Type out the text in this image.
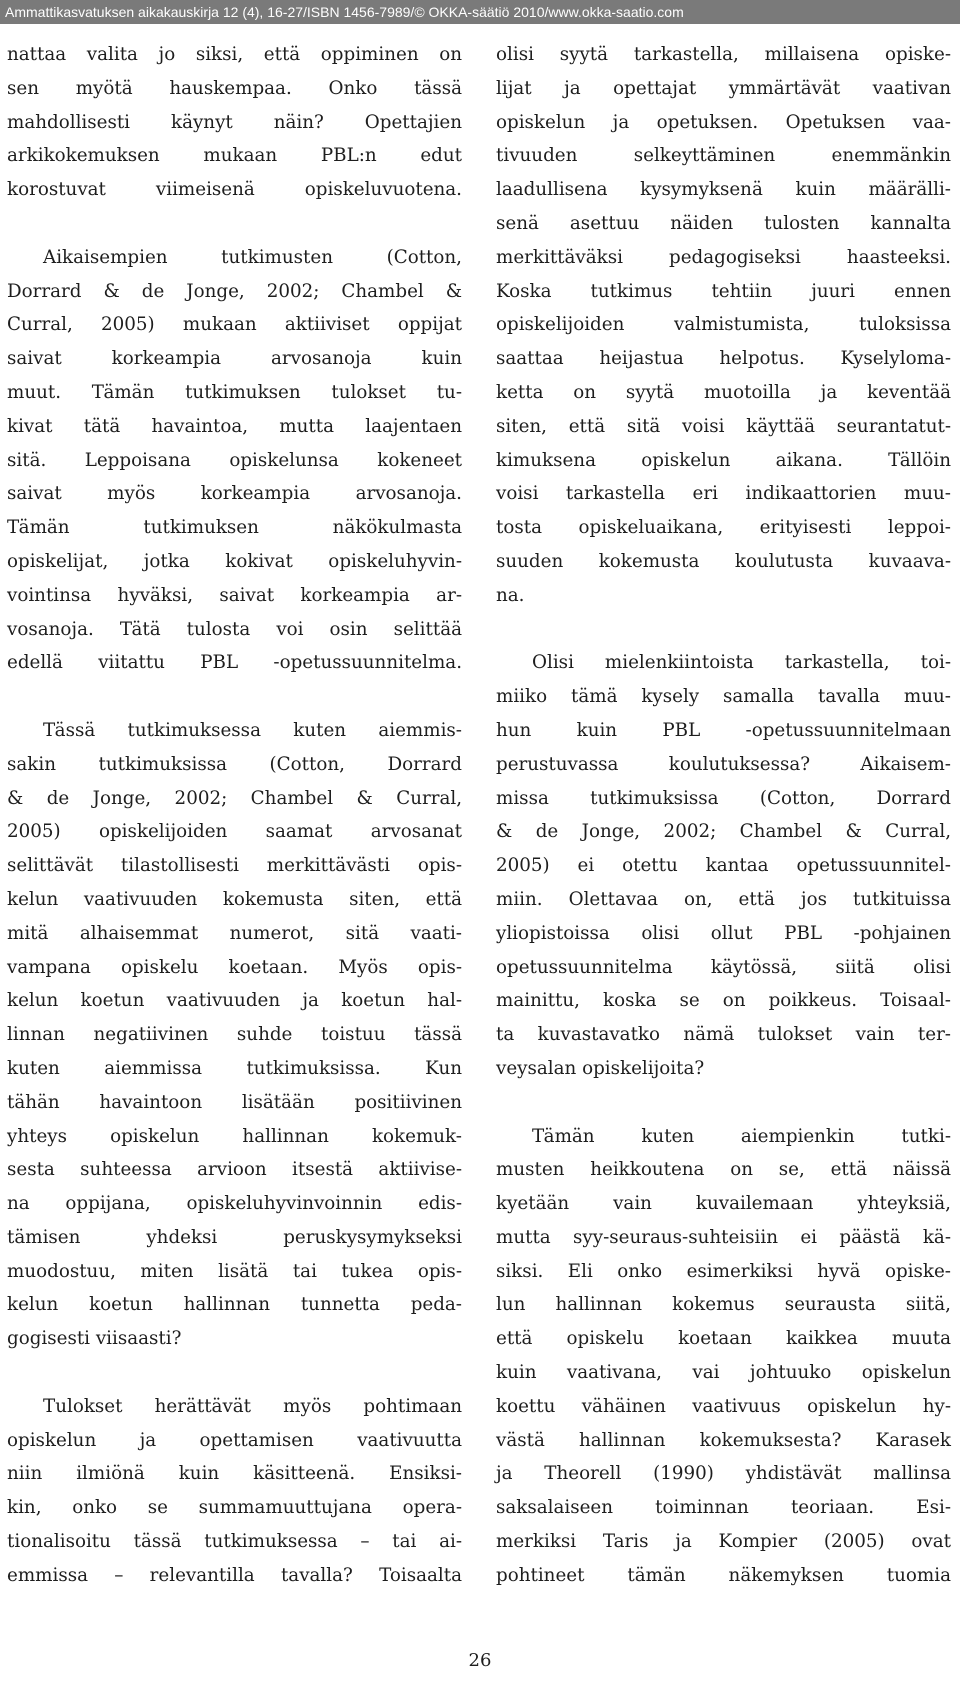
Ammattikasvatuksen aikakauskirja 12 (4), 16-27/ISBN 1456-7989/© OKKA-säätiö 2010/www.okka-saatio.com

nattaa valita jo siksi, että oppiminen on
sen myötä hauskempaa. Onko tässä
mahdollisesti käynyt näin? Opettajien
arkikokemuksen mukaan PBL:n edut
korostuvat viimeisenä opiskeluvuotena.

Aikaisempien tutkimusten (Cotton,
Dorrard & de Jonge, 2002; Chambel &
Curral, 2005) mukaan aktiiviset oppijat
saivat korkeampia arvosanoja kuin
muut. Tämän tutkimuksen tulokset tu-
kivat tätä havaintoa, mutta laajentaen
sitä. Leppoisana opiskelunsa kokeneet
saivat myös korkeampia arvosanoja.
Tämän tutkimuksen näkökulmasta
opiskelijat, jotka kokivat opiskeluhyvin-
vointinsa hyväksi, saivat korkeampia ar-
vosanoja. Tätä tulosta voi osin selittää
edellä viitattu PBL -opetussuunnitelma.

Tässä tutkimuksessa kuten aiemmis-
sakin tutkimuksissa (Cotton, Dorrard
& de Jonge, 2002; Chambel & Curral,
2005) opiskelijoiden saamat arvosanat
selittävät tilastollisesti merkittävästi opis-
kelun vaativuuden kokemusta siten, että
mitä alhaisemmat numerot, sitä vaati-
vampana opiskelu koetaan. Myös opis-
kelun koetun vaativuuden ja koetun hal-
linnan negatiivinen suhde toistuu tässä
kuten aiemmissa tutkimuksissa. Kun
tähän havaintoon lisätään positiivinen
yhteys opiskelun hallinnan kokemuk-
sesta suhteessa arvioon itsestä aktiivise-
na oppijana, opiskeluhyvinvoinnin edis-
tämisen yhdeksi peruskysymykseksi
muodostuu, miten lisätä tai tukea opis-
kelun koetun hallinnan tunnetta peda-
gogisesti viisaasti?

Tulokset herättävät myös pohtimaan
opiskelun ja opettamisen vaativuutta
niin ilmiönä kuin käsitteenä. Ensiksi-
kin, onko se summamuuttujana opera-
tionalisoitu tässä tutkimuksessa – tai ai-
emmissa – relevantilla tavalla? Toisaalta

olisi syytä tarkastella, millaisena opiske-
lijat ja opettajat ymmärtävät vaativan
opiskelun ja opetuksen. Opetuksen vaa-
tivuuden selkeyttäminen enemmänkin
laadullisena kysymyksenä kuin määrälli-
senä asettuu näiden tulosten kannalta
merkittäväksi pedagogiseksi haasteeksi.
Koska tutkimus tehtiin juuri ennen
opiskelijoiden valmistumista, tuloksissa
saattaa heijastua helpotus. Kyselyloma-
ketta on syytä muotoilla ja keventää
siten, että sitä voisi käyttää seurantatut-
kimuksena opiskelun aikana. Tällöin
voisi tarkastella eri indikaattorien muu-
tosta opiskeluaikana, erityisesti leppoi-
suuden kokemusta koulutusta kuvaava-
na.

Olisi mielenkiintoista tarkastella, toi-
miiko tämä kysely samalla tavalla muu-
hun kuin PBL -opetussuunnitelmaan
perustuvassa koulutuksessa? Aikaisem-
missa tutkimuksissa (Cotton, Dorrard
& de Jonge, 2002; Chambel & Curral,
2005) ei otettu kantaa opetussuunnitel-
miin. Olettavaa on, että jos tutkituissa
yliopistoissa olisi ollut PBL -pohjainen
opetussuunnitelma käytössä, siitä olisi
mainittu, koska se on poikkeus. Toisaal-
ta kuvastavatko nämä tulokset vain ter-
veysalan opiskelijoita?

Tämän kuten aiempienkin tutki-
musten heikkoutena on se, että näissä
kyetään vain kuvailemaan yhteyksiä,
mutta syy-seuraus-suhteisiin ei päästä kä-
siksi. Eli onko esimerkiksi hyvä opiske-
lun hallinnan kokemus seurausta siitä,
että opiskelu koetaan kaikkea muuta
kuin vaativana, vai johtuuko opiskelun
koettu vähäinen vaativuus opiskelun hy-
västä hallinnan kokemuksesta? Karasek
ja Theorell (1990) yhdistävät mallinsa
saksalaiseen toiminnan teoriaan. Esi-
merkiksi Taris ja Kompier (2005) ovat
pohtineet tämän näkemyksen tuomia

26
